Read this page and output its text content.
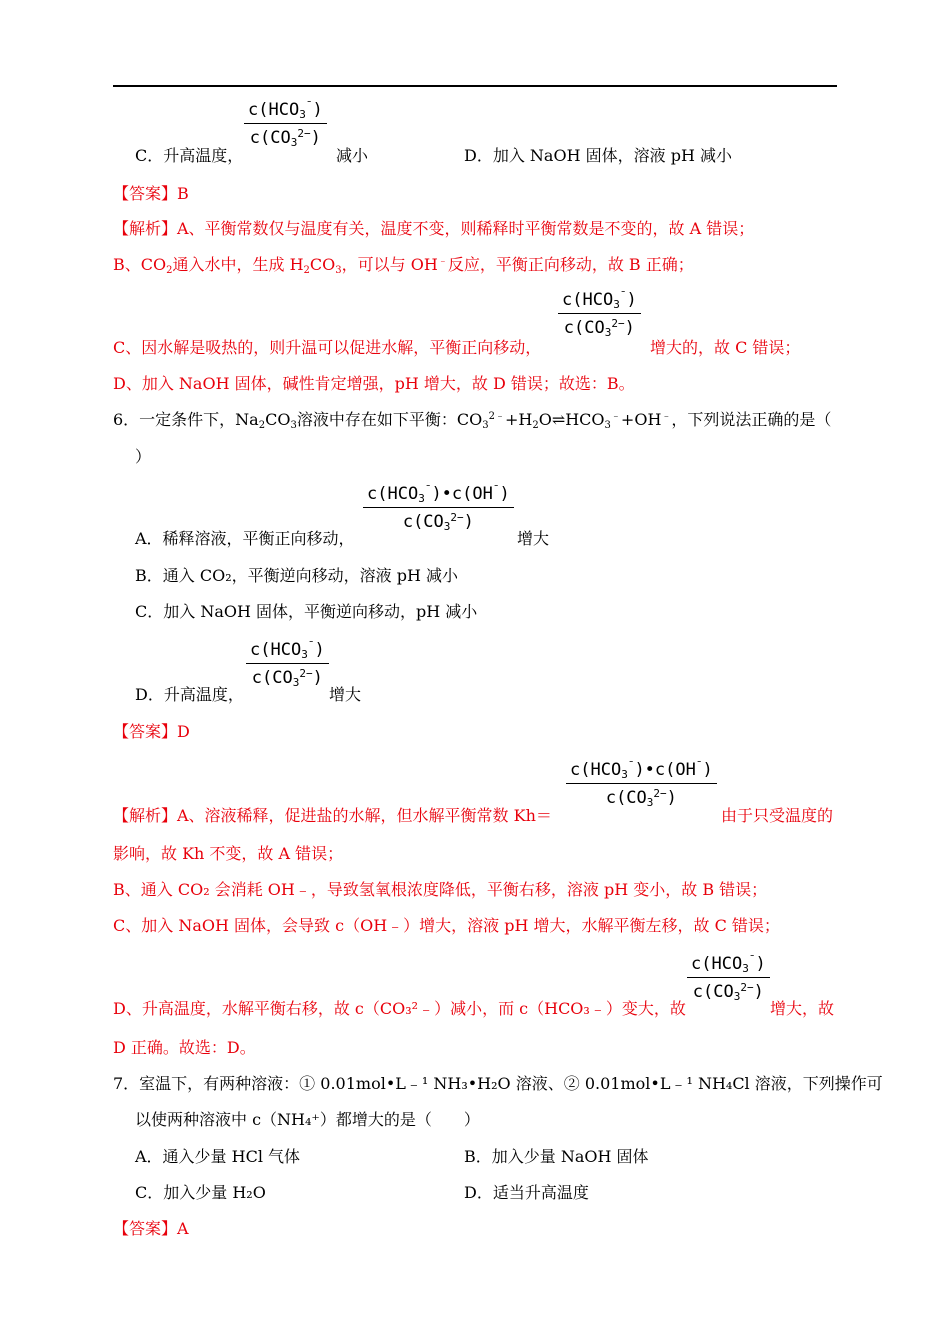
$c(HCO_3^¯)$
$c(CO_3^{2-})$
C．升高温度，	减小	D．加入 NaOH 固体，溶液 pH 减小
【答案】B
【解析】A、平衡常数仅与温度有关，温度不变，则稀释时平衡常数是不变的，故 A 错误；
B、$CO_2$通入水中，生成 $H_2CO_3$，可以与 OH﹣反应，平衡正向移动，故 B 正确；
$c(HCO_3^¯)$
$c(CO_3^{2-})$
C、因水解是吸热的，则升温可以促进水解，平衡正向移动，	增大的，故 C 错误；
D、加入 NaOH 固体，碱性肯定增强，pH 增大，故 D 错误；故选：B。
6．一定条件下，$Na_2CO_3$溶液中存在如下平衡：$CO_3^{2﹣}+H_2O\rightleftharpoons HCO_3^﹣+OH^﹣$，下列说法正确的是（
）
$c(HCO_3^¯)•c(OH^¯)$
$c(CO_3^{2-})$
A．稀释溶液，平衡正向移动，	增大
B．通入 CO₂，平衡逆向移动，溶液 pH 减小
C．加入 NaOH 固体，平衡逆向移动，pH 减小
$c(HCO_3^¯)$
$c(CO_3^{2-})$
D．升高温度，	增大
【答案】D
$c(HCO_3^¯)•c(OH^¯)$
$c(CO_3^{2-})$
【解析】A、溶液稀释，促进盐的水解，但水解平衡常数 Kh＝	由于只受温度的
影响，故 Kh 不变，故 A 错误；
B、通入 CO₂ 会消耗 OH﹣，导致氢氧根浓度降低，平衡右移，溶液 pH 变小，故 B 错误；
C、加入 NaOH 固体，会导致 c（OH﹣）增大，溶液 pH 增大，水解平衡左移，故 C 错误；
$c(HCO_3^¯)$
$c(CO_3^{2-})$
D、升高温度，水解平衡右移，故 c（CO₃²﹣）减小，而 c（HCO₃﹣）变大，故	增大，故
D 正确。故选：D。
7．室温下，有两种溶液：① 0.01mol•L﹣¹ NH₃•H₂O 溶液、② 0.01mol•L﹣¹ NH₄Cl 溶液，下列操作可
以使两种溶液中 c（NH₄⁺）都增大的是（　　）
A．通入少量 HCl 气体	B．加入少量 NaOH 固体
C．加入少量 H₂O	D．适当升高温度
【答案】A
